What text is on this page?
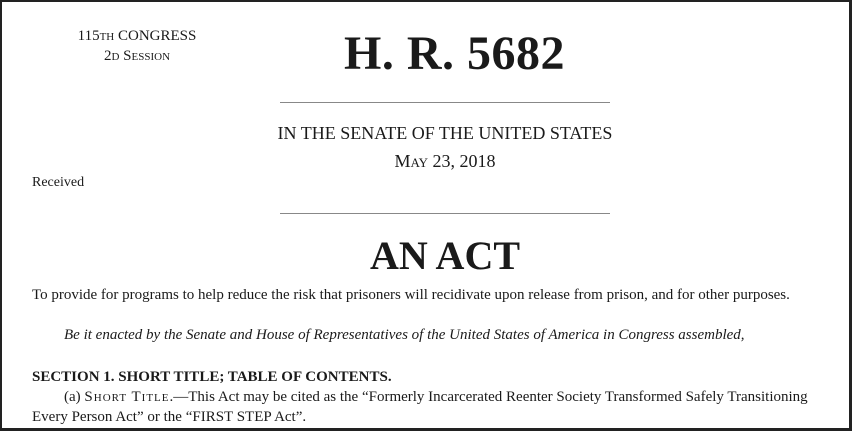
115th CONGRESS
2d Session	H. R. 5682
IN THE SENATE OF THE UNITED STATES
May 23, 2018
Received
AN ACT
To provide for programs to help reduce the risk that prisoners will recidivate upon release from prison, and for other purposes.
Be it enacted by the Senate and House of Representatives of the United States of America in Congress assembled,
SECTION 1. SHORT TITLE; TABLE OF CONTENTS.
(a) Short Title.—This Act may be cited as the “Formerly Incarcerated Reenter Society Transformed Safely Transitioning Every Person Act” or the “FIRST STEP Act”.
